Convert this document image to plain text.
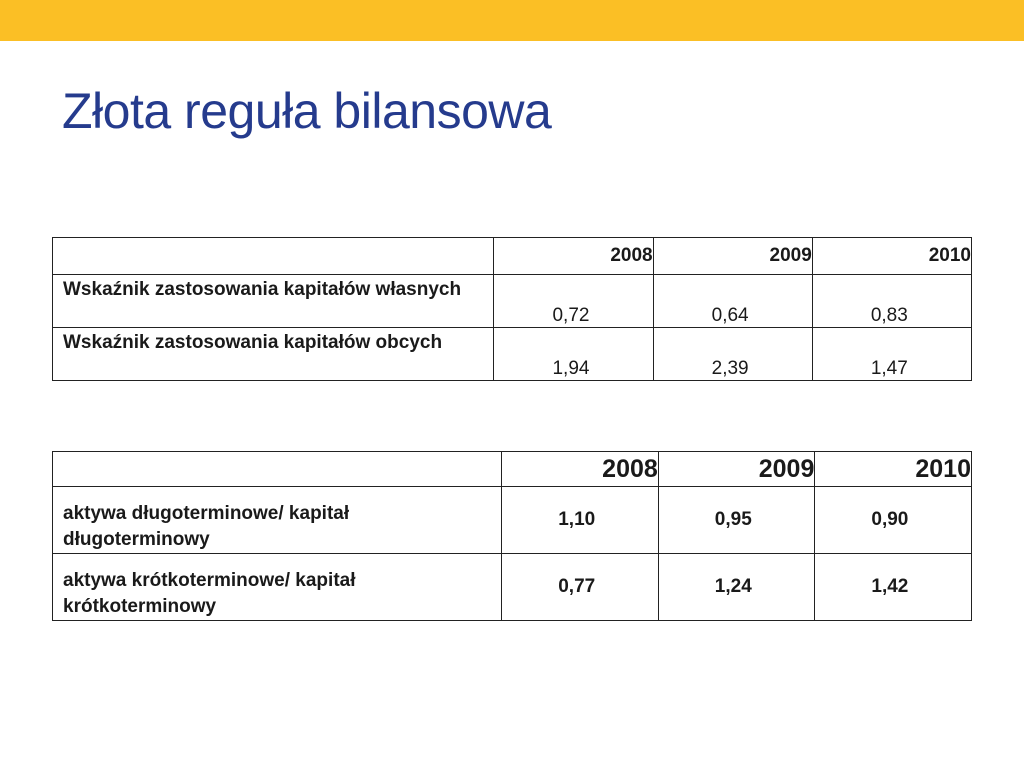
Złota reguła bilansowa
	2008	2009	2010
Wskaźnik zastosowania kapitałów własnych	0,72	0,64	0,83
Wskaźnik zastosowania kapitałów obcych	1,94	2,39	1,47
	2008	2009	2010
aktywa długoterminowe/ kapitał długoterminowy	1,10	0,95	0,90
aktywa krótkoterminowe/ kapitał krótkoterminowy	0,77	1,24	1,42
